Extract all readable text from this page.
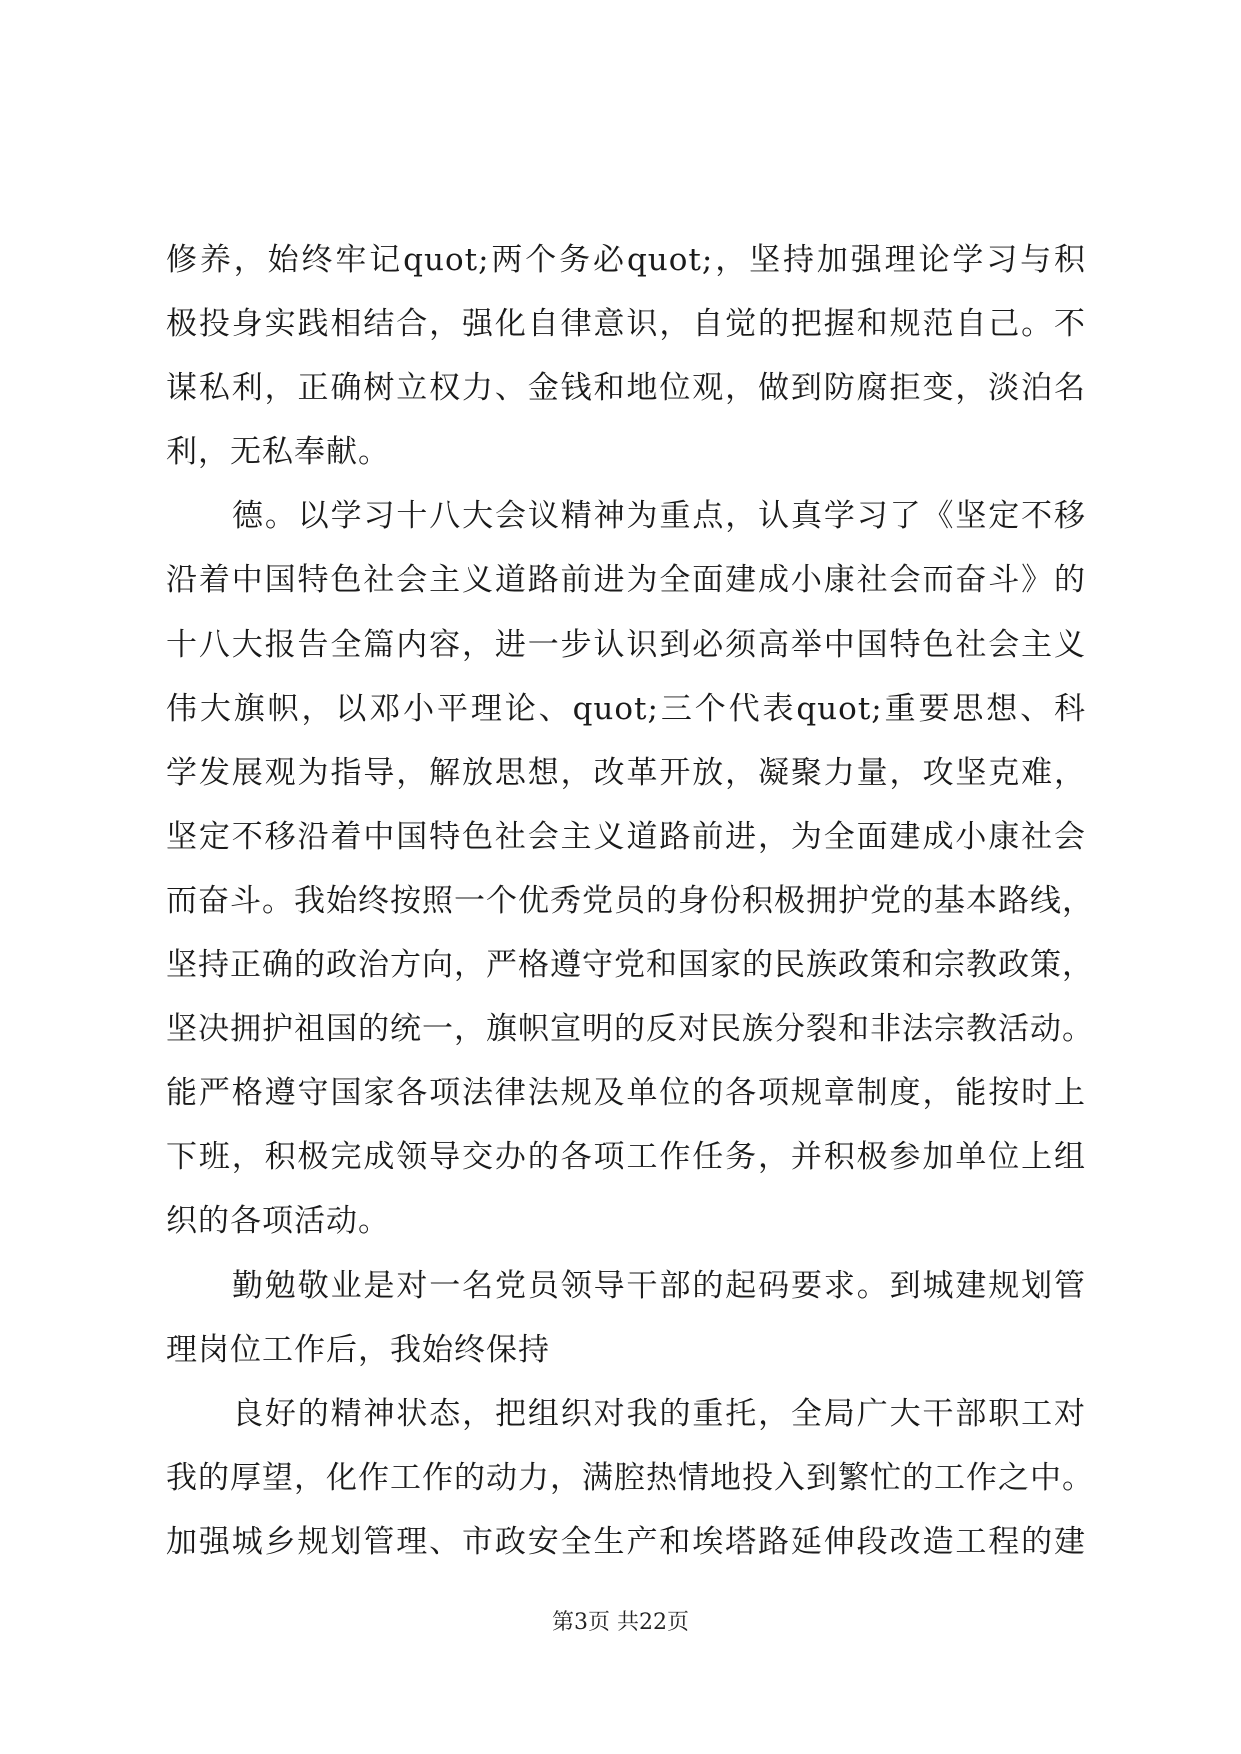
修养，始终牢记quot;两个务必quot;，坚持加强理论学习与积
极投身实践相结合，强化自律意识，自觉的把握和规范自己。不
谋私利，正确树立权力、金钱和地位观，做到防腐拒变，淡泊名
利，无私奉献。
德。以学习十八大会议精神为重点，认真学习了《坚定不移
沿着中国特色社会主义道路前进为全面建成小康社会而奋斗》的
十八大报告全篇内容，进一步认识到必须高举中国特色社会主义
伟大旗帜，以邓小平理论、quot;三个代表quot;重要思想、科
学发展观为指导，解放思想，改革开放，凝聚力量，攻坚克难，
坚定不移沿着中国特色社会主义道路前进，为全面建成小康社会
而奋斗。我始终按照一个优秀党员的身份积极拥护党的基本路线，
坚持正确的政治方向，严格遵守党和国家的民族政策和宗教政策，
坚决拥护祖国的统一，旗帜宣明的反对民族分裂和非法宗教活动。
能严格遵守国家各项法律法规及单位的各项规章制度，能按时上
下班，积极完成领导交办的各项工作任务，并积极参加单位上组
织的各项活动。
勤勉敬业是对一名党员领导干部的起码要求。到城建规划管
理岗位工作后，我始终保持
良好的精神状态，把组织对我的重托，全局广大干部职工对
我的厚望，化作工作的动力，满腔热情地投入到繁忙的工作之中。
加强城乡规划管理、市政安全生产和埃塔路延伸段改造工程的建
第3页 共22页
